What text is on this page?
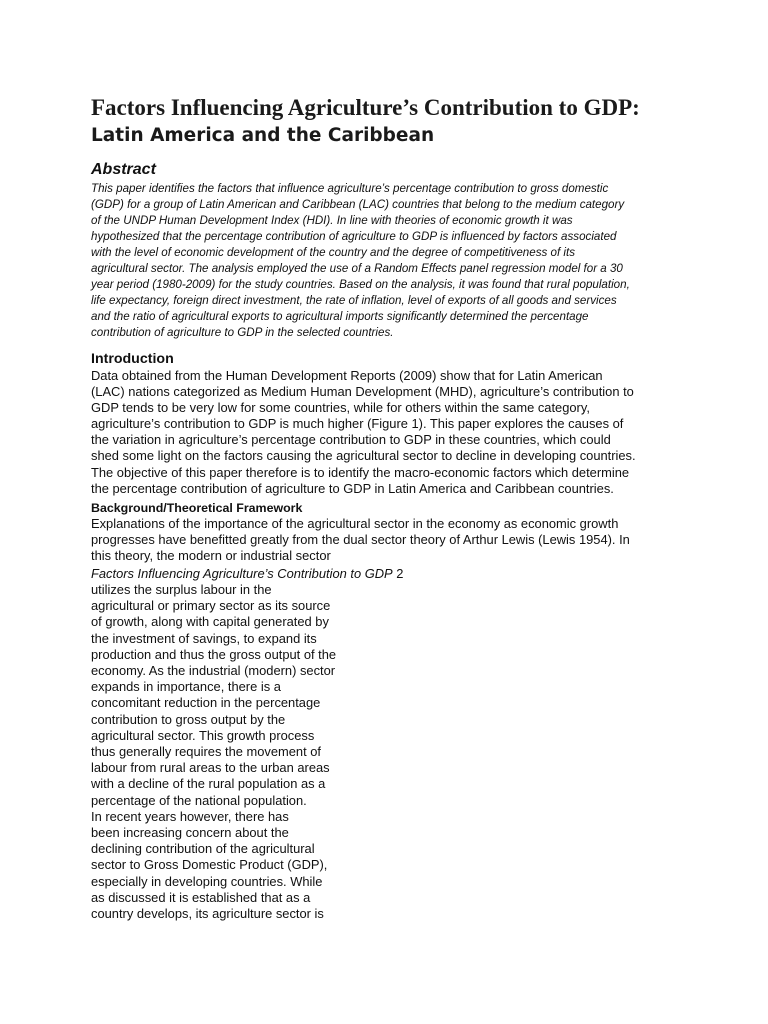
Factors Influencing Agriculture’s Contribution to GDP:
Latin America and the Caribbean
Abstract
This paper identifies the factors that influence agriculture’s percentage contribution to gross domestic
(GDP) for a group of Latin American and Caribbean (LAC) countries that belong to the medium category
of the UNDP Human Development Index (HDI). In line with theories of economic growth it was
hypothesized that the percentage contribution of agriculture to GDP is influenced by factors associated
with the level of economic development of the country and the degree of competitiveness of its
agricultural sector. The analysis employed the use of a Random Effects panel regression model for a 30
year period (1980-2009) for the study countries. Based on the analysis, it was found that rural population,
life expectancy, foreign direct investment, the rate of inflation, level of exports of all goods and services
and the ratio of agricultural exports to agricultural imports significantly determined the percentage
contribution of agriculture to GDP in the selected countries.
Introduction
Data obtained from the Human Development Reports (2009) show that for Latin American
(LAC) nations categorized as Medium Human Development (MHD), agriculture’s contribution to
GDP tends to be very low for some countries, while for others within the same category,
agriculture’s contribution to GDP is much higher (Figure 1). This paper explores the causes of
the variation in agriculture’s percentage contribution to GDP in these countries, which could
shed some light on the factors causing the agricultural sector to decline in developing countries.
The objective of this paper therefore is to identify the macro-economic factors which determine
the percentage contribution of agriculture to GDP in Latin America and Caribbean countries.
Background/Theoretical Framework
Explanations of the importance of the agricultural sector in the economy as economic growth
progresses have benefitted greatly from the dual sector theory of Arthur Lewis (Lewis 1954). In
this theory, the modern or industrial sector
Factors Influencing Agriculture’s Contribution to GDP 2
utilizes the surplus labour in the
agricultural or primary sector as its source
of growth, along with capital generated by
the investment of savings, to expand its
production and thus the gross output of the
economy. As the industrial (modern) sector
expands in importance, there is a
concomitant reduction in the percentage
contribution to gross output by the
agricultural sector. This growth process
thus generally requires the movement of
labour from rural areas to the urban areas
with a decline of the rural population as a
percentage of the national population.
In recent years however, there has
been increasing concern about the
declining contribution of the agricultural
sector to Gross Domestic Product (GDP),
especially in developing countries. While
as discussed it is established that as a
country develops, its agriculture sector is
